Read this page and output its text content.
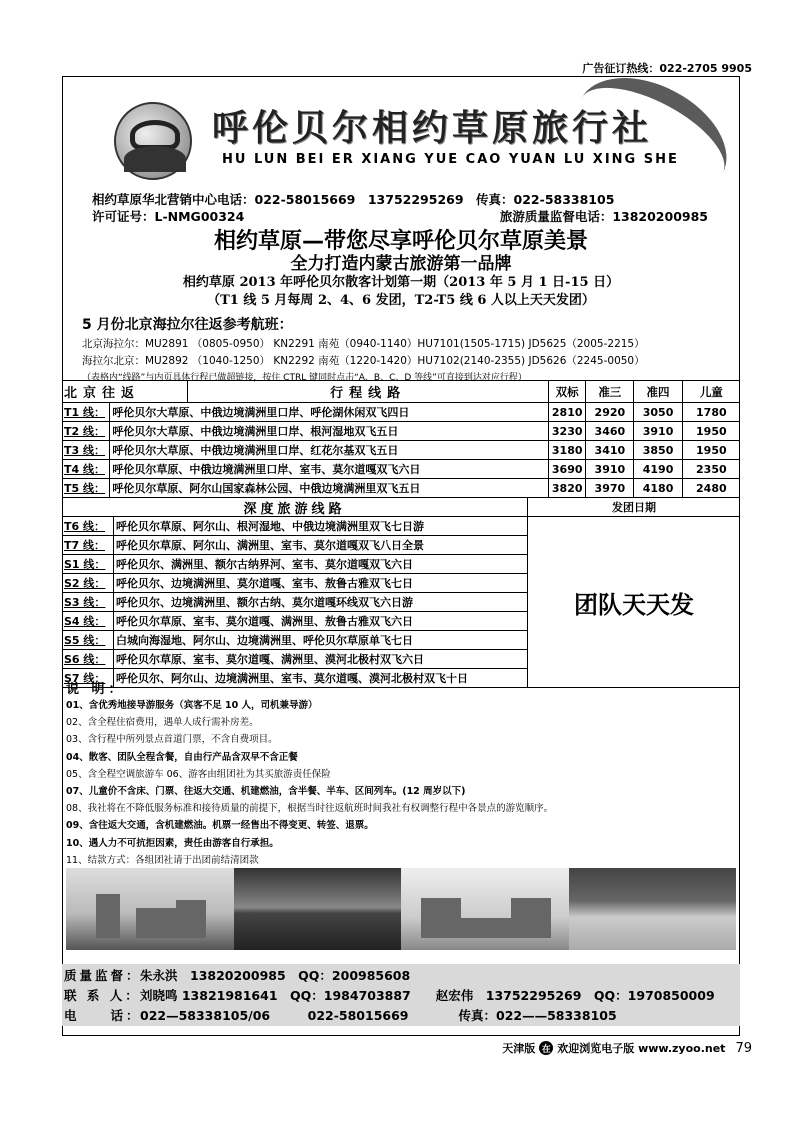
广告征订热线：022-2705 9905
呼伦贝尔相约草原旅行社
HU LUN BEI ER XIANG YUE CAO YUAN LU XING SHE
相约草原华北营销中心电话：022-58015669　13752295269　传真：022-58338105
许可证号：L-NMG00324	旅游质量监督电话：13820200985
相约草原—带您尽享呼伦贝尔草原美景
全力打造内蒙古旅游第一品牌
相约草原 2013 年呼伦贝尔散客计划第一期（2013 年 5 月 1 日-15 日）
（T1 线 5 月每周 2、4、6 发团，T2-T5 线 6 人以上天天发团）
5 月份北京海拉尔往返参考航班：
北京海拉尔：MU2891 （0805-0950） KN2291 南苑（0940-1140）HU7101(1505-1715) JD5625（2005-2215）
海拉尔北京：MU2892 （1040-1250） KN2292 南苑（1220-1420）HU7102(2140-2355) JD5626（2245-0050）
（表格内“线路”与内页具体行程已做超链接，按住 CTRL 键同时点击“A、B、C、D 等线”可直接到达对应行程）
北京往返	行程线路	双标	准三	准四	儿童
T1 线： 呼伦贝尔大草原、中俄边境满洲里口岸、呼伦湖休闲双飞四日	2810	2920	3050	1780
T2 线： 呼伦贝尔大草原、中俄边境满洲里口岸、根河湿地双飞五日	3230	3460	3910	1950
T3 线： 呼伦贝尔大草原、中俄边境满洲里口岸、红花尔基双飞五日	3180	3410	3850	1950
T4 线： 呼伦贝尔草原、中俄边境满洲里口岸、室韦、莫尔道嘎双飞六日	3690	3910	4190	2350
T5 线： 呼伦贝尔草原、阿尔山国家森林公园、中俄边境满洲里双飞五日	3820	3970	4180	2480
深度旅游线路	发团日期
T6 线：	呼伦贝尔草原、阿尔山、根河湿地、中俄边境满洲里双飞七日游
T7 线：	呼伦贝尔草原、阿尔山、满洲里、室韦、莫尔道嘎双飞八日全景
S1 线： 呼伦贝尔、满洲里、额尔古纳界河、室韦、莫尔道嘎双飞六日
S2 线： 呼伦贝尔、边境满洲里、莫尔道嘎、室韦、敖鲁古雅双飞七日
S3 线： 呼伦贝尔、边境满洲里、额尔古纳、莫尔道嘎环线双飞六日游
S4 线： 呼伦贝尔草原、室韦、莫尔道嘎、满洲里、敖鲁古雅双飞六日
S5 线： 白城向海湿地、阿尔山、边境满洲里、呼伦贝尔草原单飞七日
S6 线： 呼伦贝尔草原、室韦、莫尔道嘎、满洲里、漠河北极村双飞六日
S7 线： 呼伦贝尔、阿尔山、边境满洲里、室韦、莫尔道嘎、漠河北极村双飞十日
团队天天发
说 明：
01、含优秀地接导游服务（宾客不足 10 人，司机兼导游）
02、含全程住宿费用，遇单人成行需补房差。
03、含行程中所列景点首道门票，不含自费项目。
04、散客、团队全程含餐，自由行产品含双早不含正餐
05、含全程空调旅游车 06、游客由组团社为其买旅游责任保险
07、儿童价不含床、门票、往返大交通、机建燃油，含半餐、半车、区间列车。(12 周岁以下)
08、我社将在不降低服务标准和接待质量的前提下，根据当时往返航班时间我社有权调整行程中各景点的游览顺序。
09、含往返大交通，含机建燃油。机票一经售出不得变更、转签、退票。
10、遇人力不可抗拒因素，责任由游客自行承担。
11、结款方式：各组团社请于出团前结清团款
质量监督：
朱永洪　13820200985　QQ：200985608
联 系 人： 刘晓鸣 13821981641　QQ：1984703887　　赵宏伟　13752295269　QQ：1970850009
电　　话：
022—58338105/06　　　022-58015669　　　　传真：022——58338105
天津版 在 欢迎浏览电子版 www.zyoo.net 79
